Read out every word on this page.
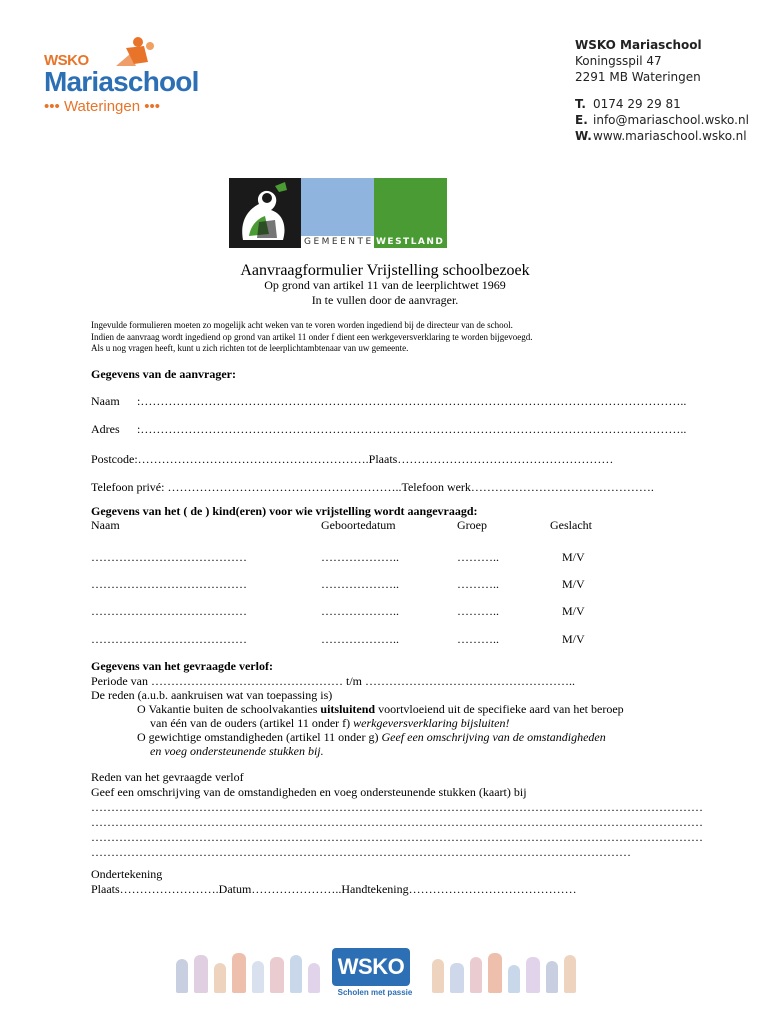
WSKO
Mariaschool
••• Wateringen •••
WSKO Mariaschool
Koningsspil 47
2291 MB Wateringen
T. 0174 29 29 81
E. info@mariaschool.wsko.nl
W.www.mariaschool.wsko.nl
GEMEENTE WESTLAND
Aanvraagformulier Vrijstelling schoolbezoek
Op grond van artikel 11 van de leerplichtwet 1969
In te vullen door de aanvrager.
Ingevulde formulieren moeten zo mogelijk acht weken van te voren worden ingediend bij de directeur van de school.
Indien de aanvraag wordt ingediend op grond van artikel 11 onder f dient een werkgeversverklaring te worden bijgevoegd.
Als u nog vragen heeft, kunt u zich richten tot de leerplichtambtenaar van uw gemeente.
Gegevens van de aanvrager:
Naam :………………………………………………………………………………………………………………………..
Adres :………………………………………………………………………………………………………………………..
Postcode:………………………………………………….Plaats………………………………………………
Telefoon privé: …………………………………………………..Telefoon werk……………………………………….
Gegevens van het ( de ) kind(eren) voor wie vrijstelling wordt aangevraagd:
Naam	Geboortedatum	Groep	Geslacht
…………………………………	………………..	………..	M/V
…………………………………	………………..	………..	M/V
…………………………………	………………..	………..	M/V
…………………………………	………………..	………..	M/V
Gegevens van het gevraagde verlof:
Periode van ………………………………………… t/m ……………………………………………..
De reden (a.u.b. aankruisen wat van toepassing is)
O Vakantie buiten de schoolvakanties uitsluitend voortvloeiend uit de specifieke aard van het beroep
van één van de ouders (artikel 11 onder f) werkgeversverklaring bijsluiten!
O gewichtige omstandigheden (artikel 11 onder g) Geef een omschrijving van de omstandigheden
en voeg ondersteunende stukken bij.
Reden van het gevraagde verlof
Geef een omschrijving van de omstandigheden en voeg ondersteunende stukken (kaart) bij
………………………………………………………………………………………………………………………………………
………………………………………………………………………………………………………………………………………
………………………………………………………………………………………………………………………………………
………………………………………………………………………………………………………………………
Ondertekening
Plaats…………………….Datum…………………..Handtekening……………………………………
WSKO
Scholen met passie
